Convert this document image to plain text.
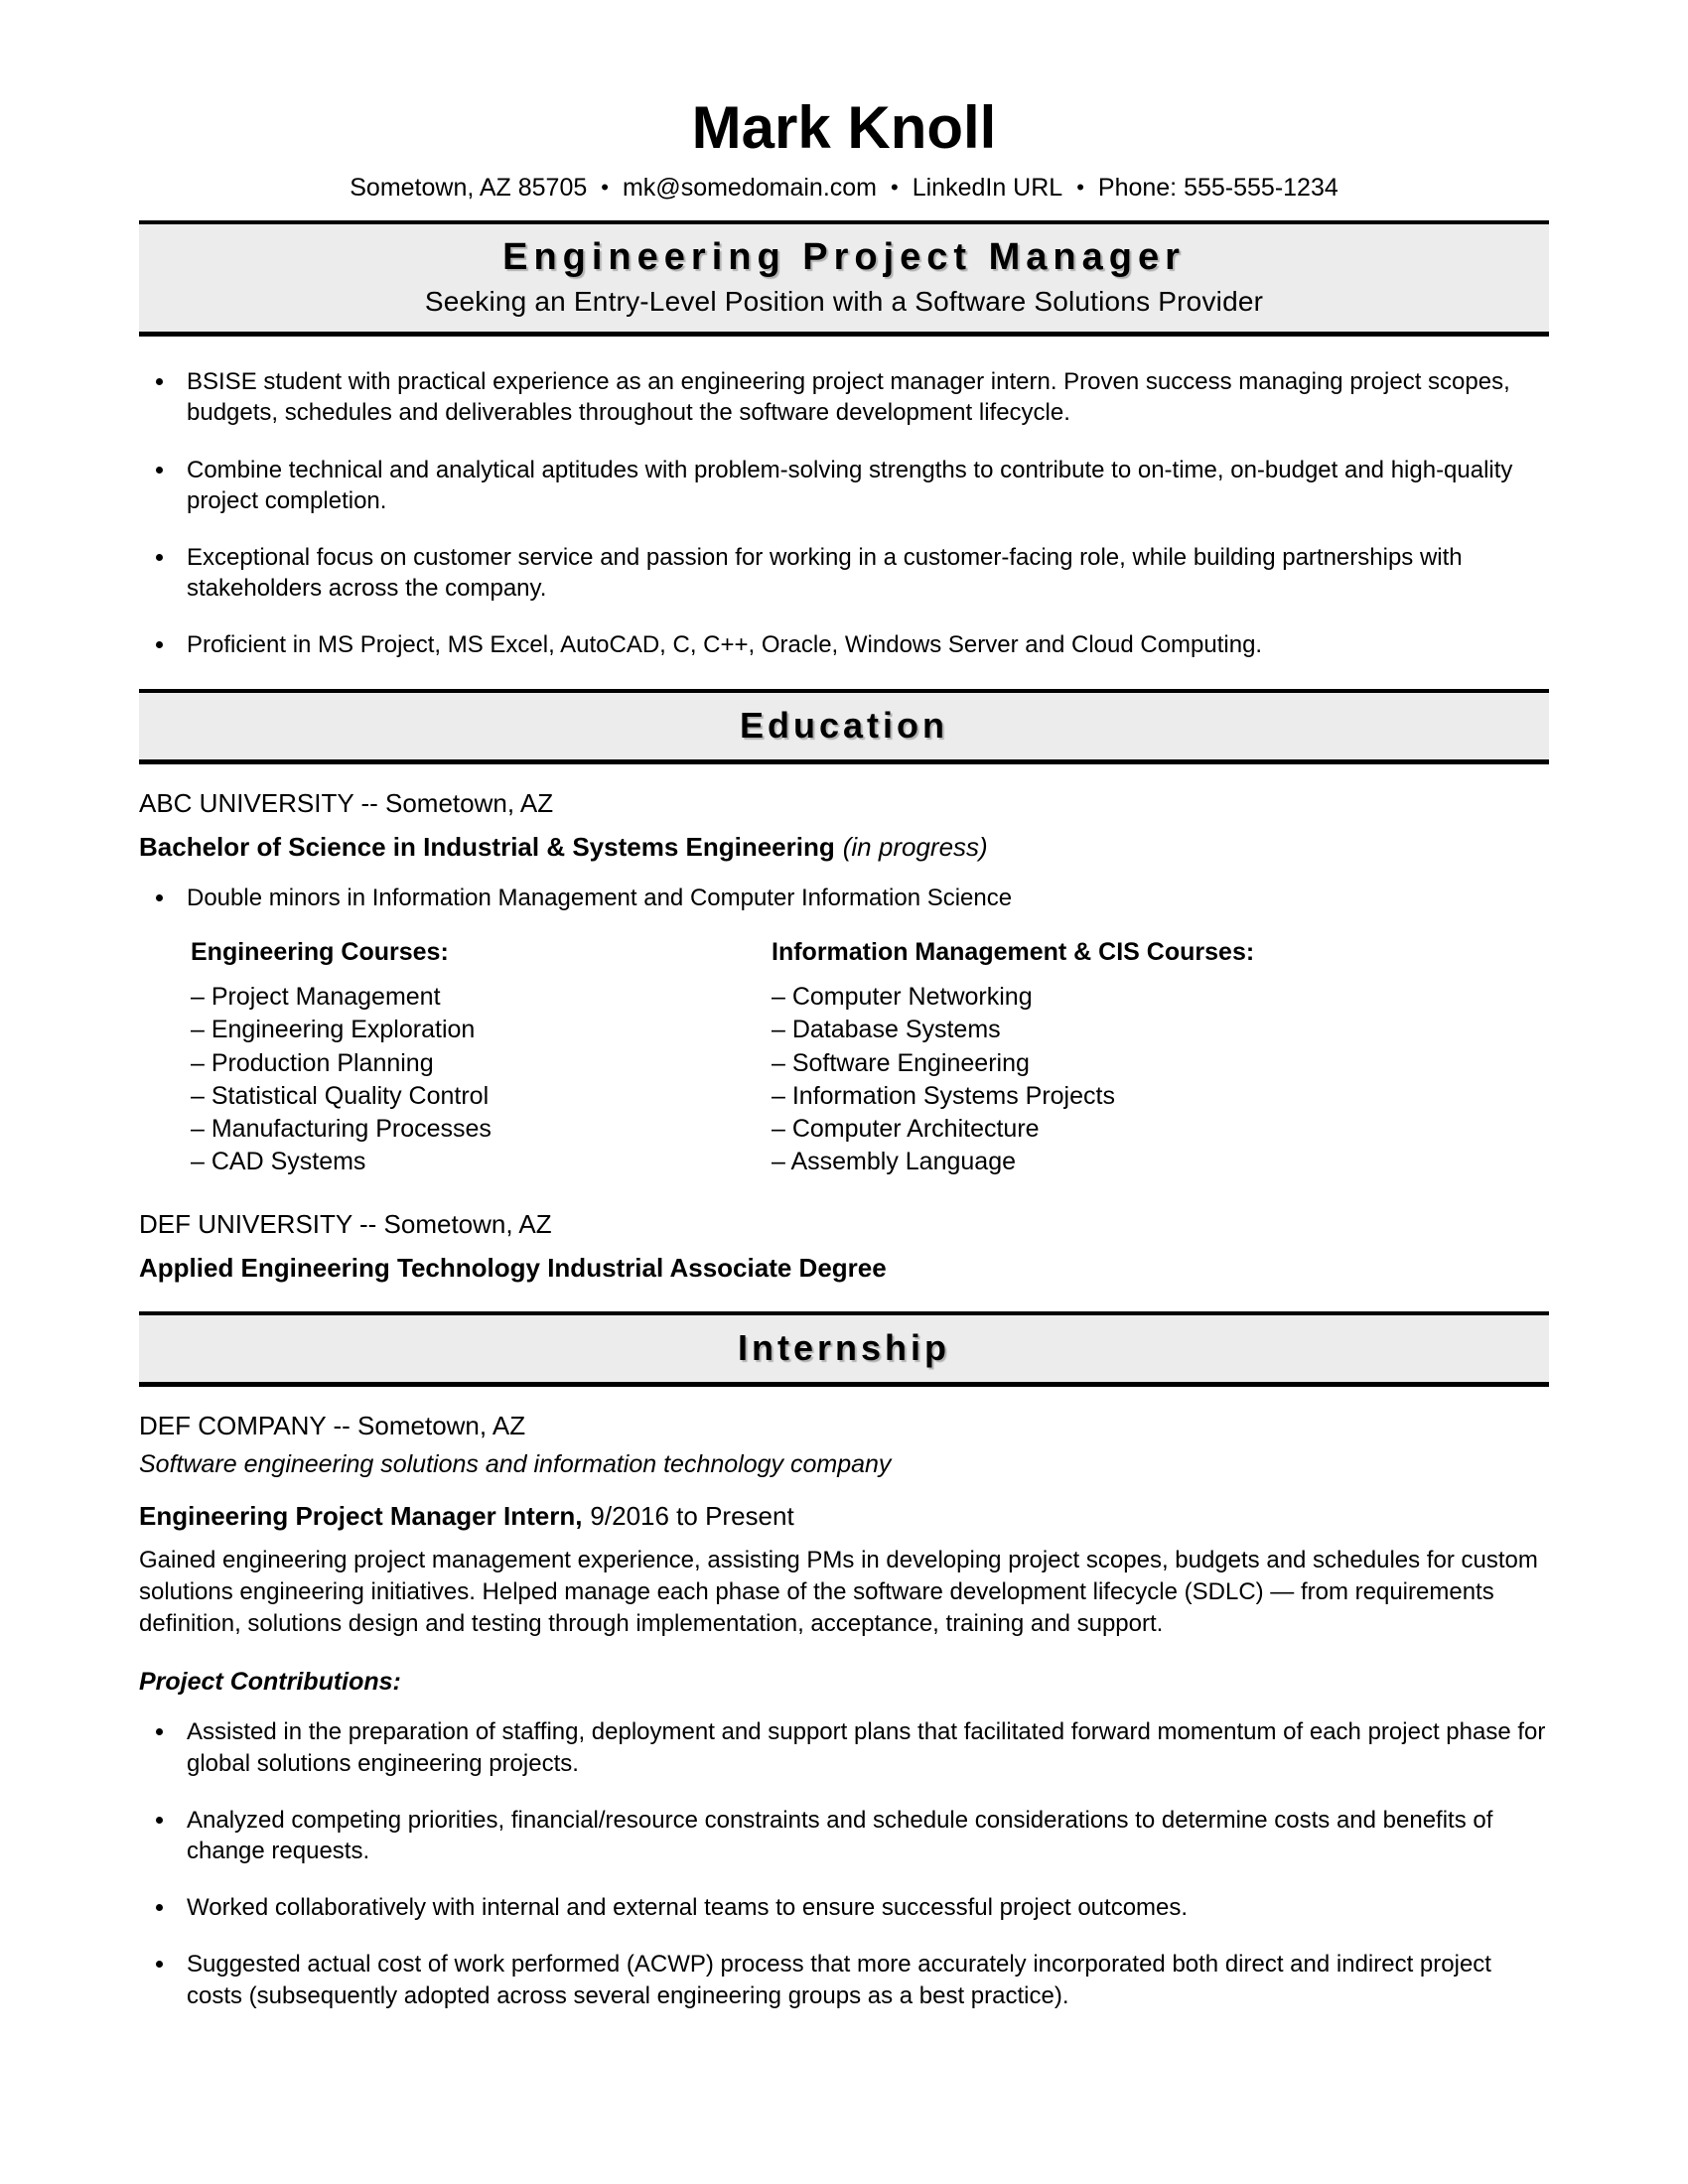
Mark Knoll
Sometown, AZ 85705 • mk@somedomain.com • LinkedIn URL • Phone: 555-555-1234
Engineering Project Manager
Seeking an Entry-Level Position with a Software Solutions Provider
• BSISE student with practical experience as an engineering project manager intern. Proven success managing project scopes, budgets, schedules and deliverables throughout the software development lifecycle.
• Combine technical and analytical aptitudes with problem-solving strengths to contribute to on-time, on-budget and high-quality project completion.
• Exceptional focus on customer service and passion for working in a customer-facing role, while building partnerships with stakeholders across the company.
• Proficient in MS Project, MS Excel, AutoCAD, C, C++, Oracle, Windows Server and Cloud Computing.
Education
ABC UNIVERSITY -- Sometown, AZ
Bachelor of Science in Industrial & Systems Engineering (in progress)
• Double minors in Information Management and Computer Information Science
Engineering Courses:
– Project Management
– Engineering Exploration
– Production Planning
– Statistical Quality Control
– Manufacturing Processes
– CAD Systems
Information Management & CIS Courses:
– Computer Networking
– Database Systems
– Software Engineering
– Information Systems Projects
– Computer Architecture
– Assembly Language
DEF UNIVERSITY -- Sometown, AZ
Applied Engineering Technology Industrial Associate Degree
Internship
DEF COMPANY -- Sometown, AZ
Software engineering solutions and information technology company
Engineering Project Manager Intern, 9/2016 to Present
Gained engineering project management experience, assisting PMs in developing project scopes, budgets and schedules for custom solutions engineering initiatives. Helped manage each phase of the software development lifecycle (SDLC) — from requirements definition, solutions design and testing through implementation, acceptance, training and support.
Project Contributions:
• Assisted in the preparation of staffing, deployment and support plans that facilitated forward momentum of each project phase for global solutions engineering projects.
• Analyzed competing priorities, financial/resource constraints and schedule considerations to determine costs and benefits of change requests.
• Worked collaboratively with internal and external teams to ensure successful project outcomes.
• Suggested actual cost of work performed (ACWP) process that more accurately incorporated both direct and indirect project costs (subsequently adopted across several engineering groups as a best practice).
